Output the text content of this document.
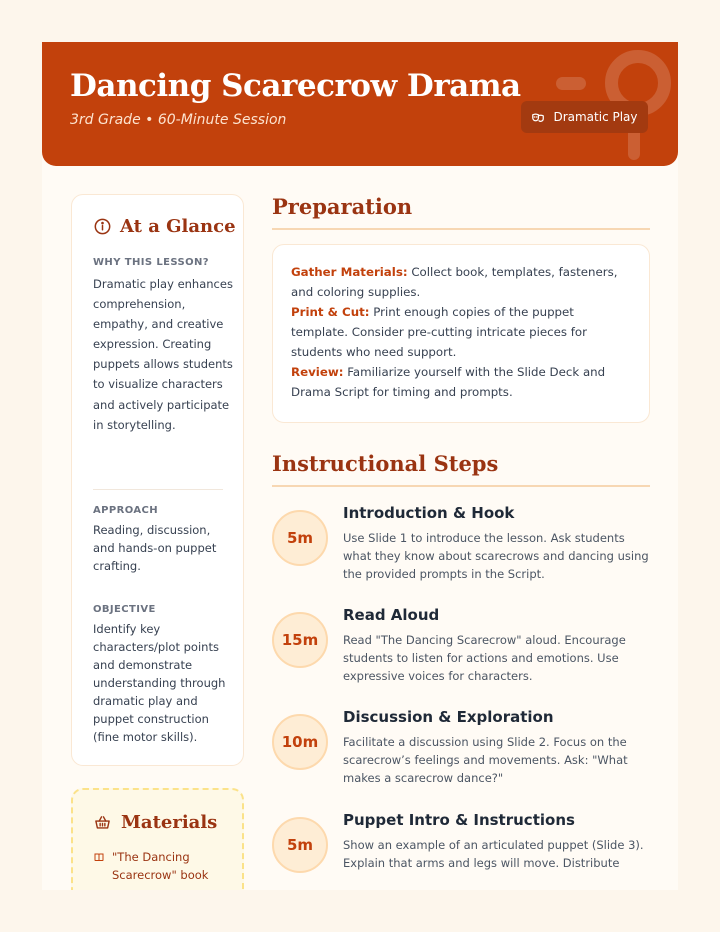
Dancing Scarecrow Drama
3rd Grade • 60-Minute Session	Dramatic Play
At a Glance
WHY THIS LESSON?
Dramatic play enhances comprehension, empathy, and creative expression. Creating puppets allows students to visualize characters and actively participate in storytelling.
APPROACH
Reading, discussion, and hands-on puppet crafting.
OBJECTIVE
Identify key characters/plot points and demonstrate understanding through dramatic play and puppet construction (fine motor skills).
Materials
"The Dancing Scarecrow" book
Preparation
Gather Materials: Collect book, templates, fasteners, and coloring supplies.
Print & Cut: Print enough copies of the puppet template. Consider pre-cutting intricate pieces for students who need support.
Review: Familiarize yourself with the Slide Deck and Drama Script for timing and prompts.
Instructional Steps
5m
Introduction & Hook
Use Slide 1 to introduce the lesson. Ask students what they know about scarecrows and dancing using the provided prompts in the Script.
15m
Read Aloud
Read "The Dancing Scarecrow" aloud. Encourage students to listen for actions and emotions. Use expressive voices for characters.
10m
Discussion & Exploration
Facilitate a discussion using Slide 2. Focus on the scarecrow’s feelings and movements. Ask: "What makes a scarecrow dance?"
5m
Puppet Intro & Instructions
Show an example of an articulated puppet (Slide 3). Explain that arms and legs will move. Distribute
